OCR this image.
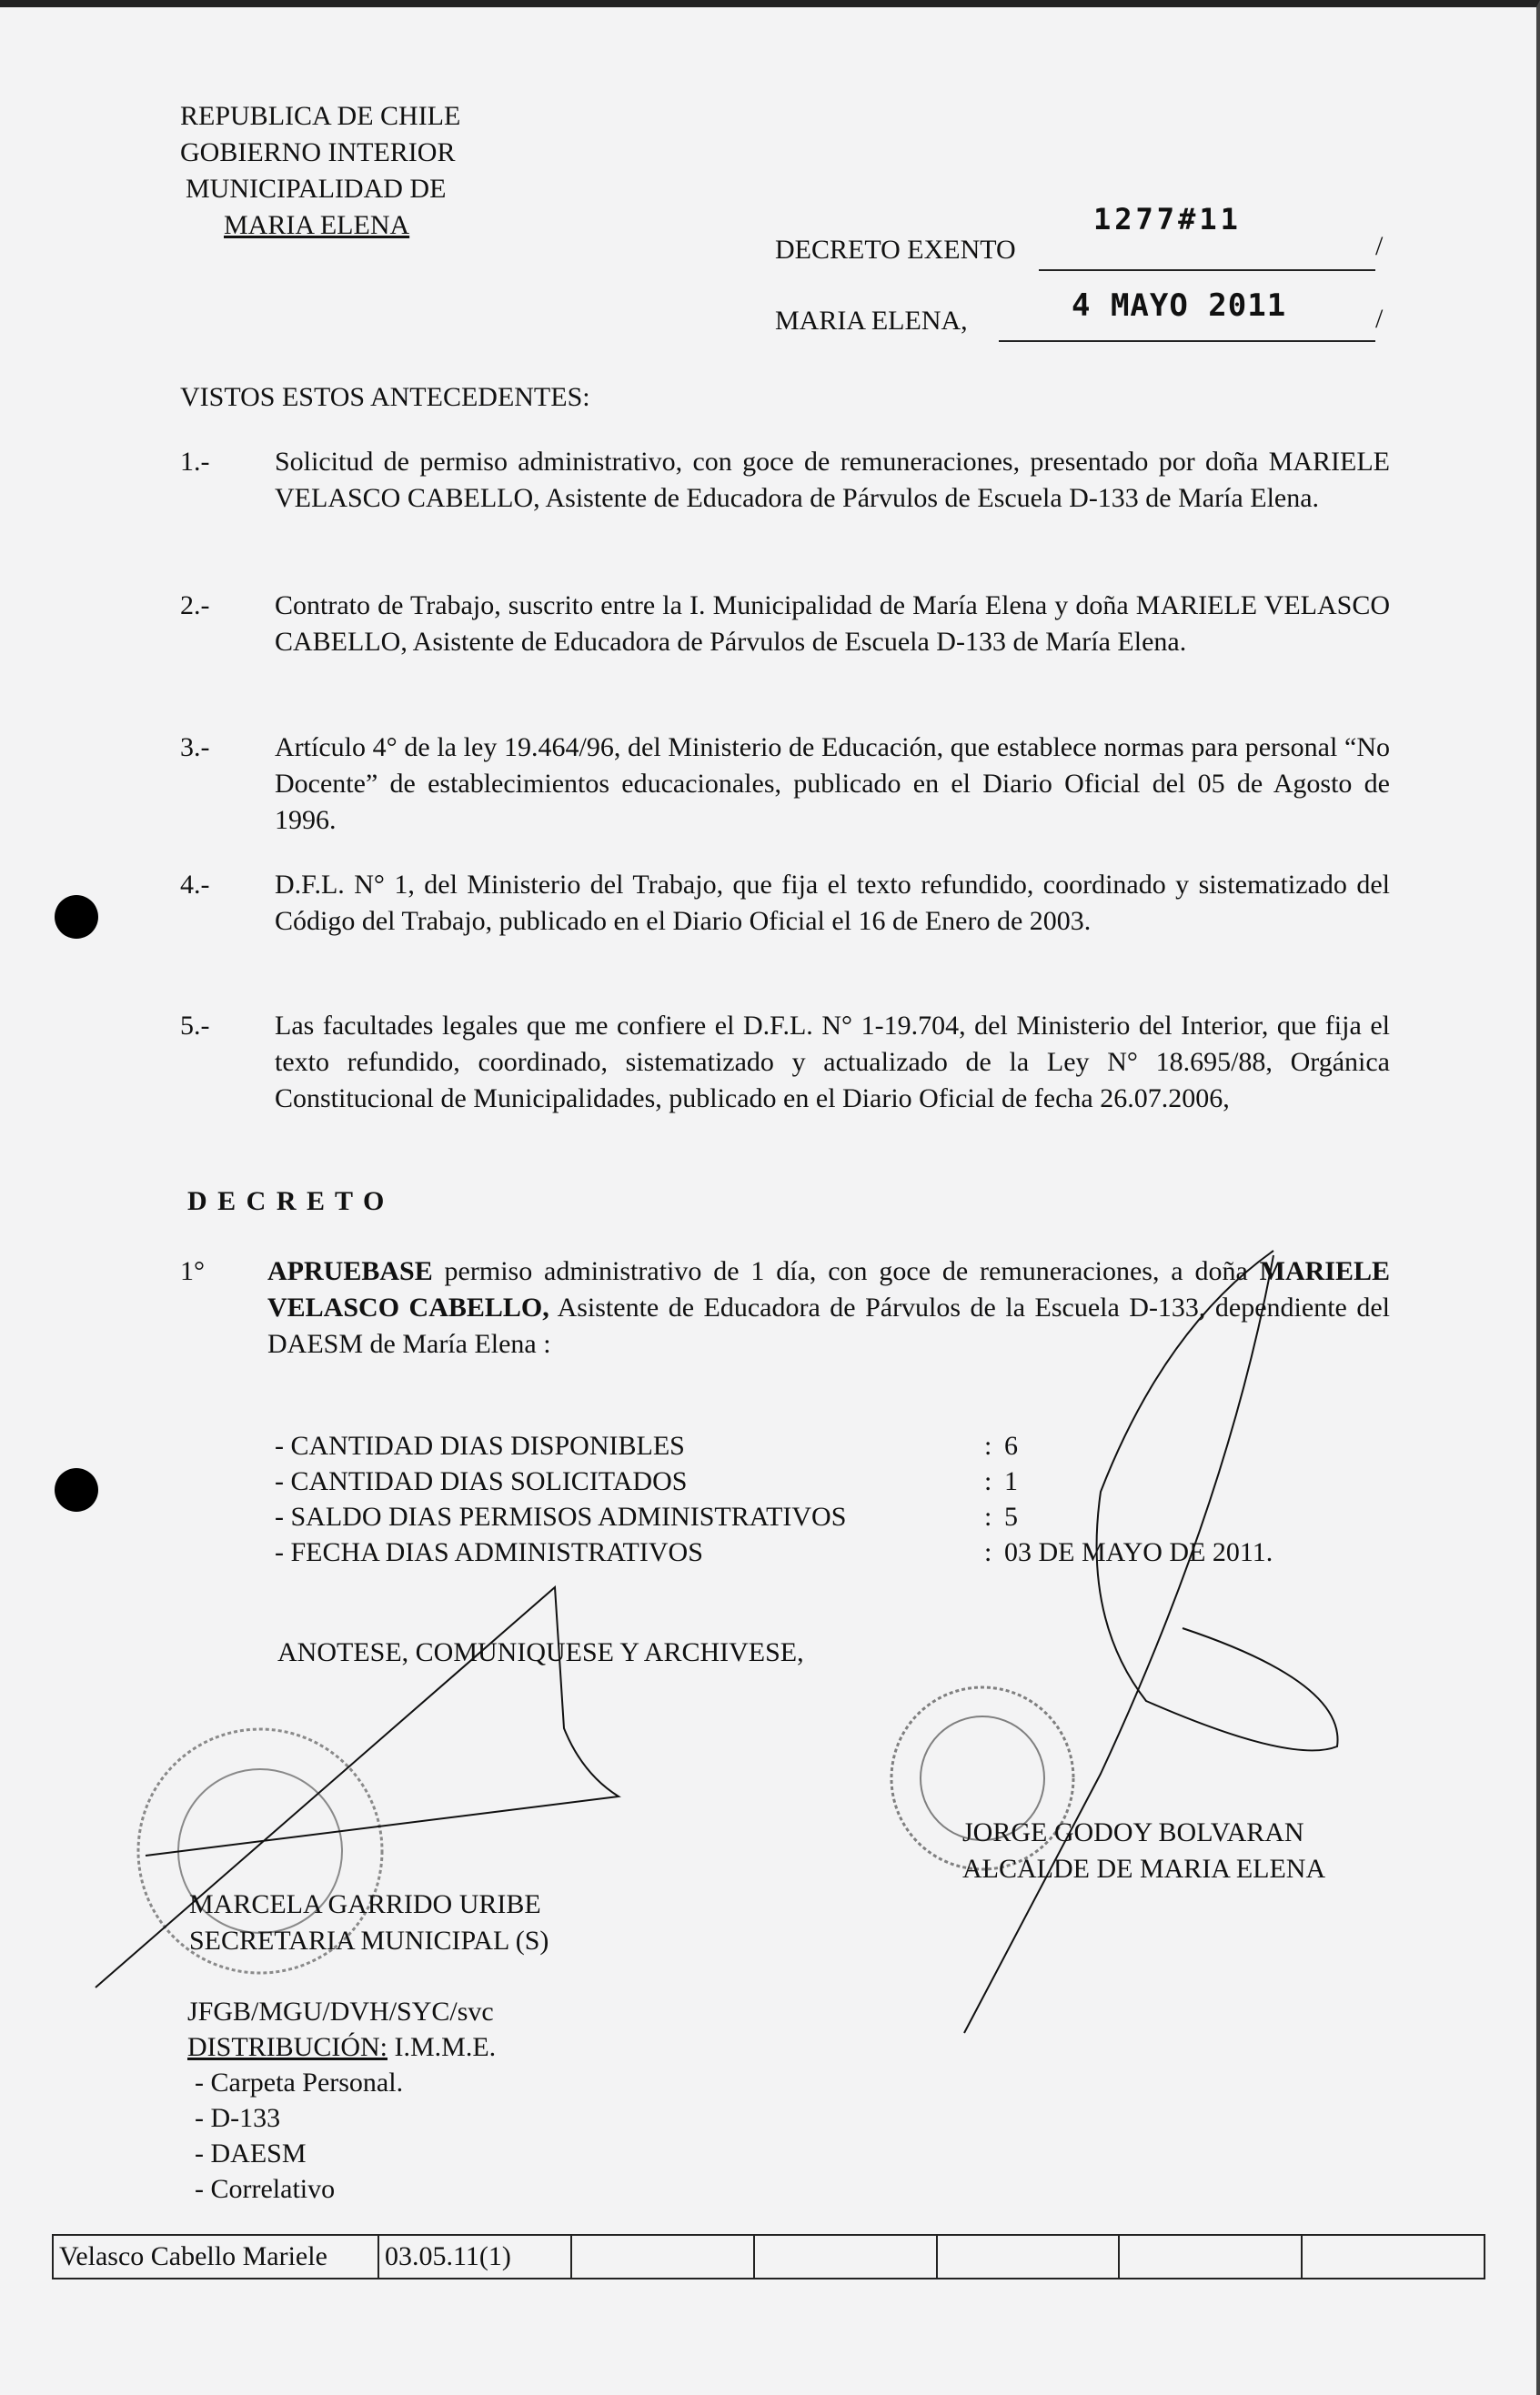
REPUBLICA DE CHILE
GOBIERNO INTERIOR
MUNICIPALIDAD DE
MARIA ELENA
DECRETO EXENTO
1277#11
/
MARIA ELENA,	4 MAYO 2011	/
VISTOS ESTOS ANTECEDENTES:
1.- Solicitud de permiso administrativo, con goce de remuneraciones, presentado por doña MARIELE VELASCO CABELLO, Asistente de Educadora de Párvulos de Escuela D-133 de María Elena.
2.- Contrato de Trabajo, suscrito entre la I. Municipalidad de María Elena y doña MARIELE VELASCO CABELLO, Asistente de Educadora de Párvulos de Escuela D-133 de María Elena.
3.- Artículo 4° de la ley 19.464/96, del Ministerio de Educación, que establece normas para personal “No Docente” de establecimientos educacionales, publicado en el Diario Oficial del 05 de Agosto de 1996.
4.- D.F.L. N° 1, del Ministerio del Trabajo, que fija el texto refundido, coordinado y sistematizado del Código del Trabajo, publicado en el Diario Oficial el 16 de Enero de 2003.
5.- Las facultades legales que me confiere el D.F.L. N° 1-19.704, del Ministerio del Interior, que fija el texto refundido, coordinado, sistematizado y actualizado de la Ley N° 18.695/88, Orgánica Constitucional de Municipalidades, publicado en el Diario Oficial de fecha 26.07.2006,
D E C R E T O
1° APRUEBASE permiso administrativo de 1 día, con goce de remuneraciones, a doña MARIELE VELASCO CABELLO, Asistente de Educadora de Párvulos de la Escuela D-133, dependiente del DAESM de María Elena :
- CANTIDAD DIAS DISPONIBLES	: 6
- CANTIDAD DIAS SOLICITADOS	: 1
- SALDO DIAS PERMISOS ADMINISTRATIVOS	: 5
- FECHA DIAS ADMINISTRATIVOS	: 03 DE MAYO DE 2011.
ANOTESE, COMUNIQUESE Y ARCHIVESE,
JORGE GODOY BOLVARAN
ALCALDE DE MARIA ELENA
MARCELA GARRIDO URIBE
SECRETARIA MUNICIPAL (S)
JFGB/MGU/DVH/SYC/svc
DISTRIBUCIÓN: I.M.M.E.
- Carpeta Personal.
- D-133
- DAESM
- Correlativo
Velasco Cabello Mariele	03.05.11(1)					
